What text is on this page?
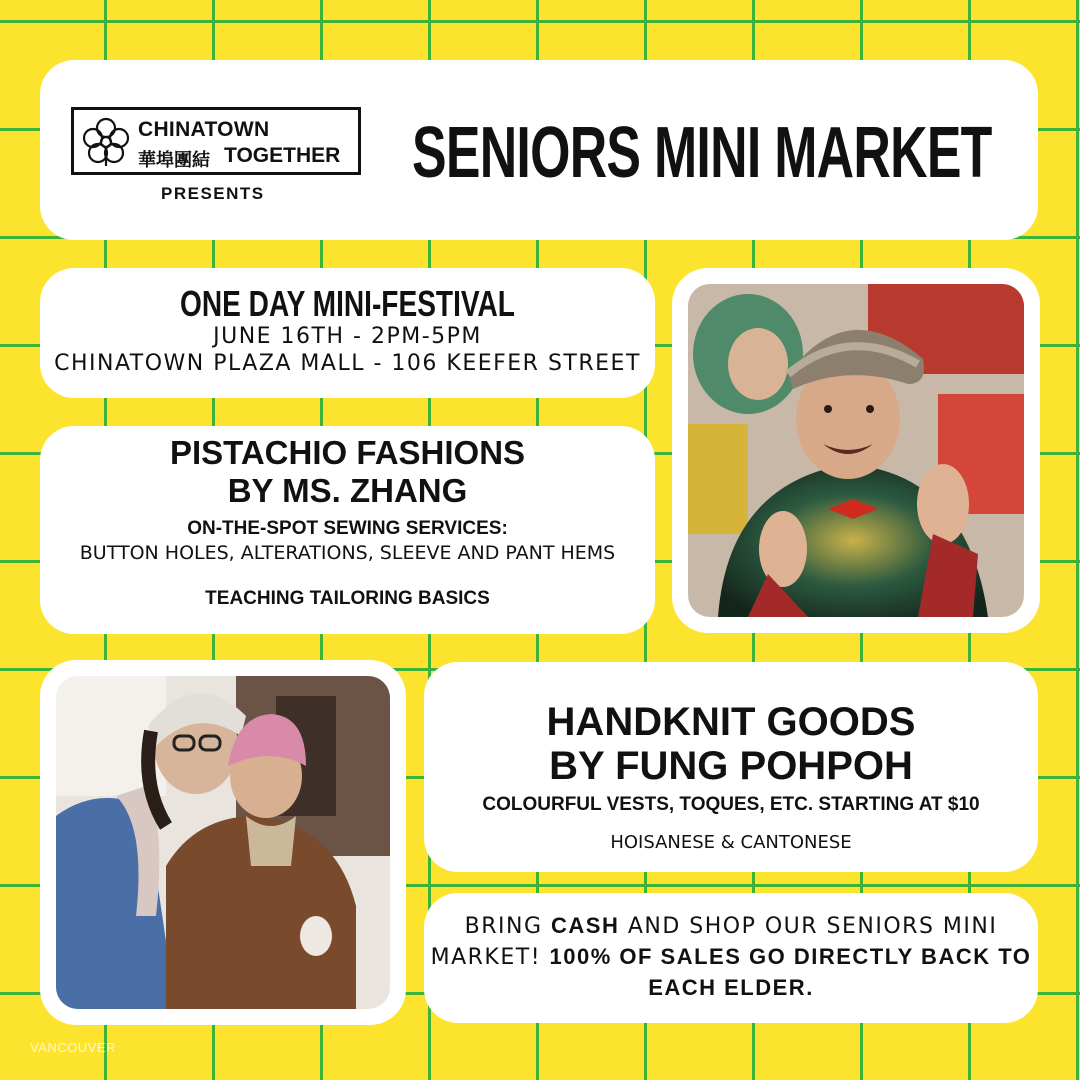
CHINATOWN
華埠團結 TOGETHER
PRESENTS
SENIORS MINI MARKET
ONE DAY MINI-FESTIVAL
JUNE 16TH - 2PM-5PM
CHINATOWN PLAZA MALL - 106 KEEFER STREET
PISTACHIO FASHIONS
BY MS. ZHANG
ON-THE-SPOT SEWING SERVICES:
BUTTON HOLES, ALTERATIONS, SLEEVE AND PANT HEMS
TEACHING TAILORING BASICS
HANDKNIT GOODS
BY FUNG POHPOH
COLOURFUL VESTS, TOQUES, ETC. STARTING AT $10
HOISANESE & CANTONESE
BRING CASH AND SHOP OUR SENIORS MINI MARKET! 100% OF SALES GO DIRECTLY BACK TO EACH ELDER.
VANCOUVER
